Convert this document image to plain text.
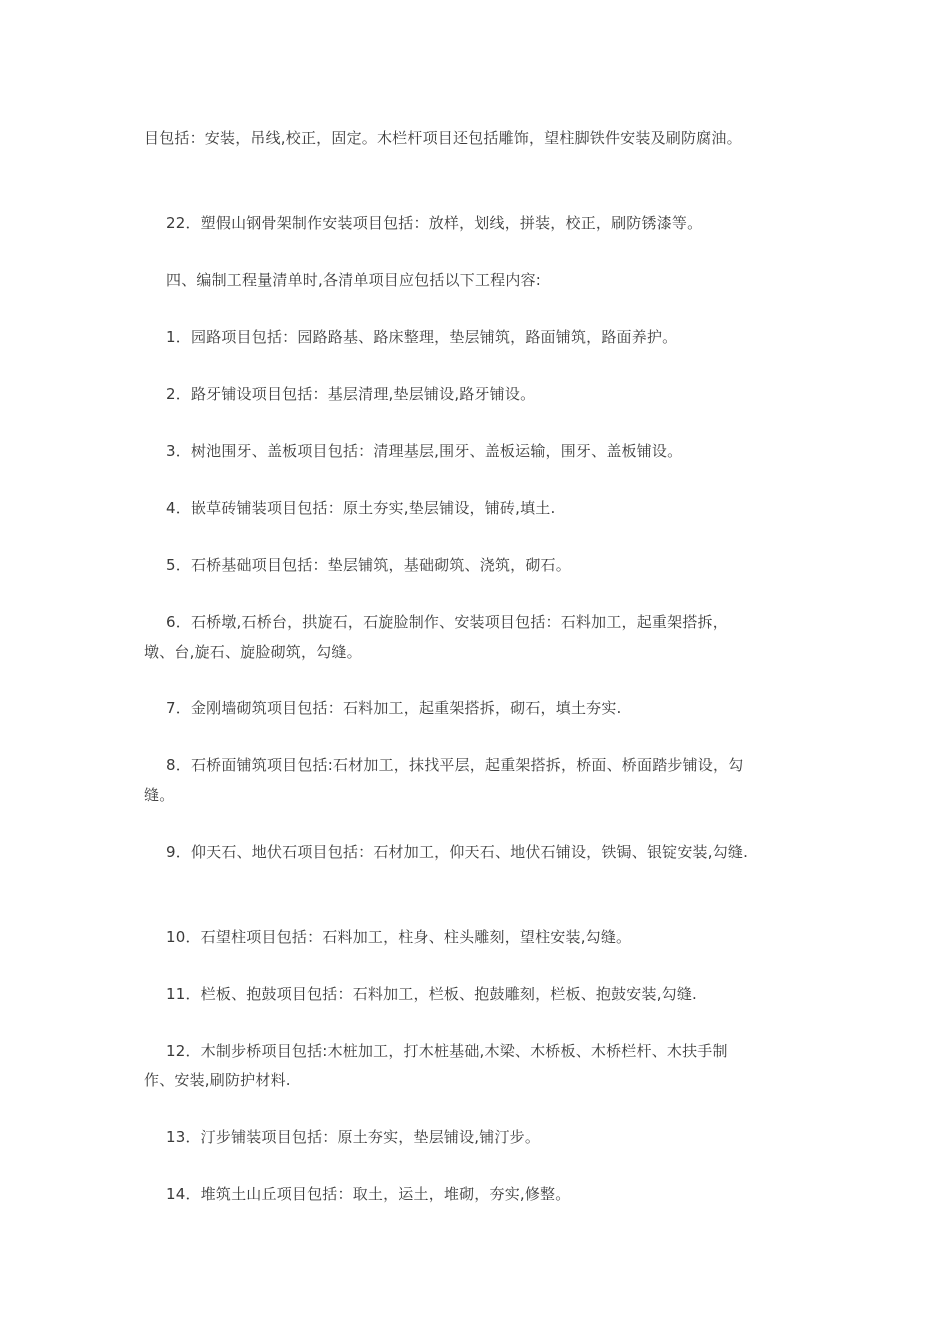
目包括：安装，吊线,校正，固定。木栏杆项目还包括雕饰，望柱脚铁件安装及刷防腐油。
22．塑假山钢骨架制作安装项目包括：放样，划线，拼装，校正，刷防锈漆等。
四、编制工程量清单时,各清单项目应包括以下工程内容:
1．园路项目包括：园路路基、路床整理，垫层铺筑，路面铺筑，路面养护。
2．路牙铺设项目包括：基层清理,垫层铺设,路牙铺设。
3．树池围牙、盖板项目包括：清理基层,围牙、盖板运输，围牙、盖板铺设。
4．嵌草砖铺装项目包括：原土夯实,垫层铺设，铺砖,填土.
5．石桥基础项目包括：垫层铺筑，基础砌筑、浇筑，砌石。
6．石桥墩,石桥台，拱旋石，石旋脸制作、安装项目包括：石料加工，起重架搭拆，
墩、台,旋石、旋脸砌筑，勾缝。
7．金刚墙砌筑项目包括：石料加工，起重架搭拆，砌石，填土夯实.
8．石桥面铺筑项目包括:石材加工，抹找平层，起重架搭拆，桥面、桥面踏步铺设，勾
缝。
9．仰天石、地伏石项目包括：石材加工，仰天石、地伏石铺设，铁锔、银锭安装,勾缝.
10．石望柱项目包括：石料加工，柱身、柱头雕刻，望柱安装,勾缝。
11．栏板、抱鼓项目包括：石料加工，栏板、抱鼓雕刻，栏板、抱鼓安装,勾缝.
12．木制步桥项目包括:木桩加工，打木桩基础,木梁、木桥板、木桥栏杆、木扶手制
作、安装,刷防护材料.
13．汀步铺装项目包括：原土夯实，垫层铺设,铺汀步。
14．堆筑土山丘项目包括：取土，运土，堆砌，夯实,修整。
